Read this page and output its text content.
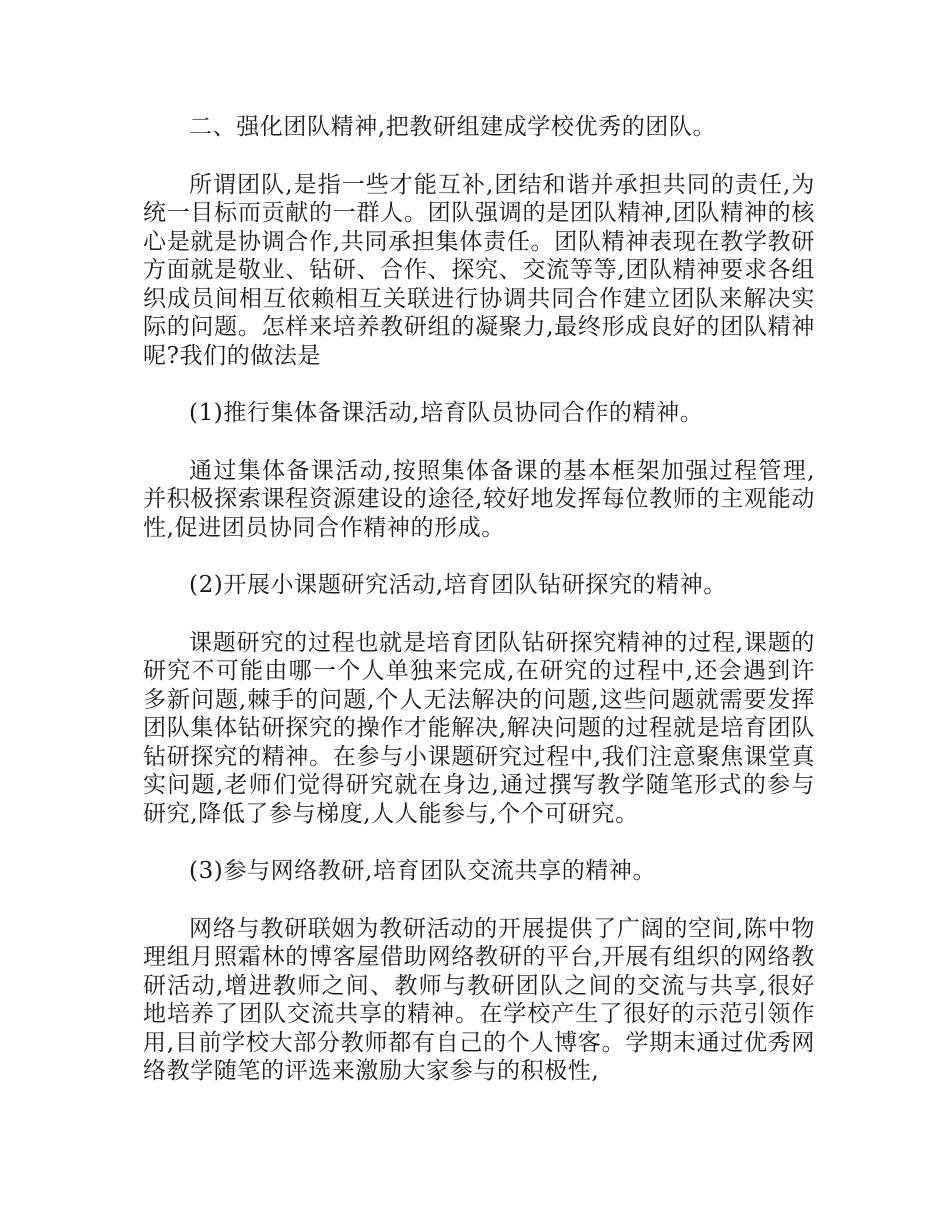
二、强化团队精神,把教研组建成学校优秀的团队。

所谓团队,是指一些才能互补,团结和谐并承担共同的责任,为统一目标而贡献的一群人。团队强调的是团队精神,团队精神的核心是就是协调合作,共同承担集体责任。团队精神表现在教学教研方面就是敬业、钻研、合作、探究、交流等等,团队精神要求各组织成员间相互依赖相互关联进行协调共同合作建立团队来解决实际的问题。怎样来培养教研组的凝聚力,最终形成良好的团队精神呢?我们的做法是

(1)推行集体备课活动,培育队员协同合作的精神。

通过集体备课活动,按照集体备课的基本框架加强过程管理,并积极探索课程资源建设的途径,较好地发挥每位教师的主观能动性,促进团员协同合作精神的形成。

(2)开展小课题研究活动,培育团队钻研探究的精神。

课题研究的过程也就是培育团队钻研探究精神的过程,课题的研究不可能由哪一个人单独来完成,在研究的过程中,还会遇到许多新问题,棘手的问题,个人无法解决的问题,这些问题就需要发挥团队集体钻研探究的操作才能解决,解决问题的过程就是培育团队钻研探究的精神。在参与小课题研究过程中,我们注意聚焦课堂真实问题,老师们觉得研究就在身边,通过撰写教学随笔形式的参与研究,降低了参与梯度,人人能参与,个个可研究。

(3)参与网络教研,培育团队交流共享的精神。

网络与教研联姻为教研活动的开展提供了广阔的空间,陈中物理组月照霜林的博客屋借助网络教研的平台,开展有组织的网络教研活动,增进教师之间、教师与教研团队之间的交流与共享,很好地培养了团队交流共享的精神。在学校产生了很好的示范引领作用,目前学校大部分教师都有自己的个人博客。学期末通过优秀网络教学随笔的评选来激励大家参与的积极性,
